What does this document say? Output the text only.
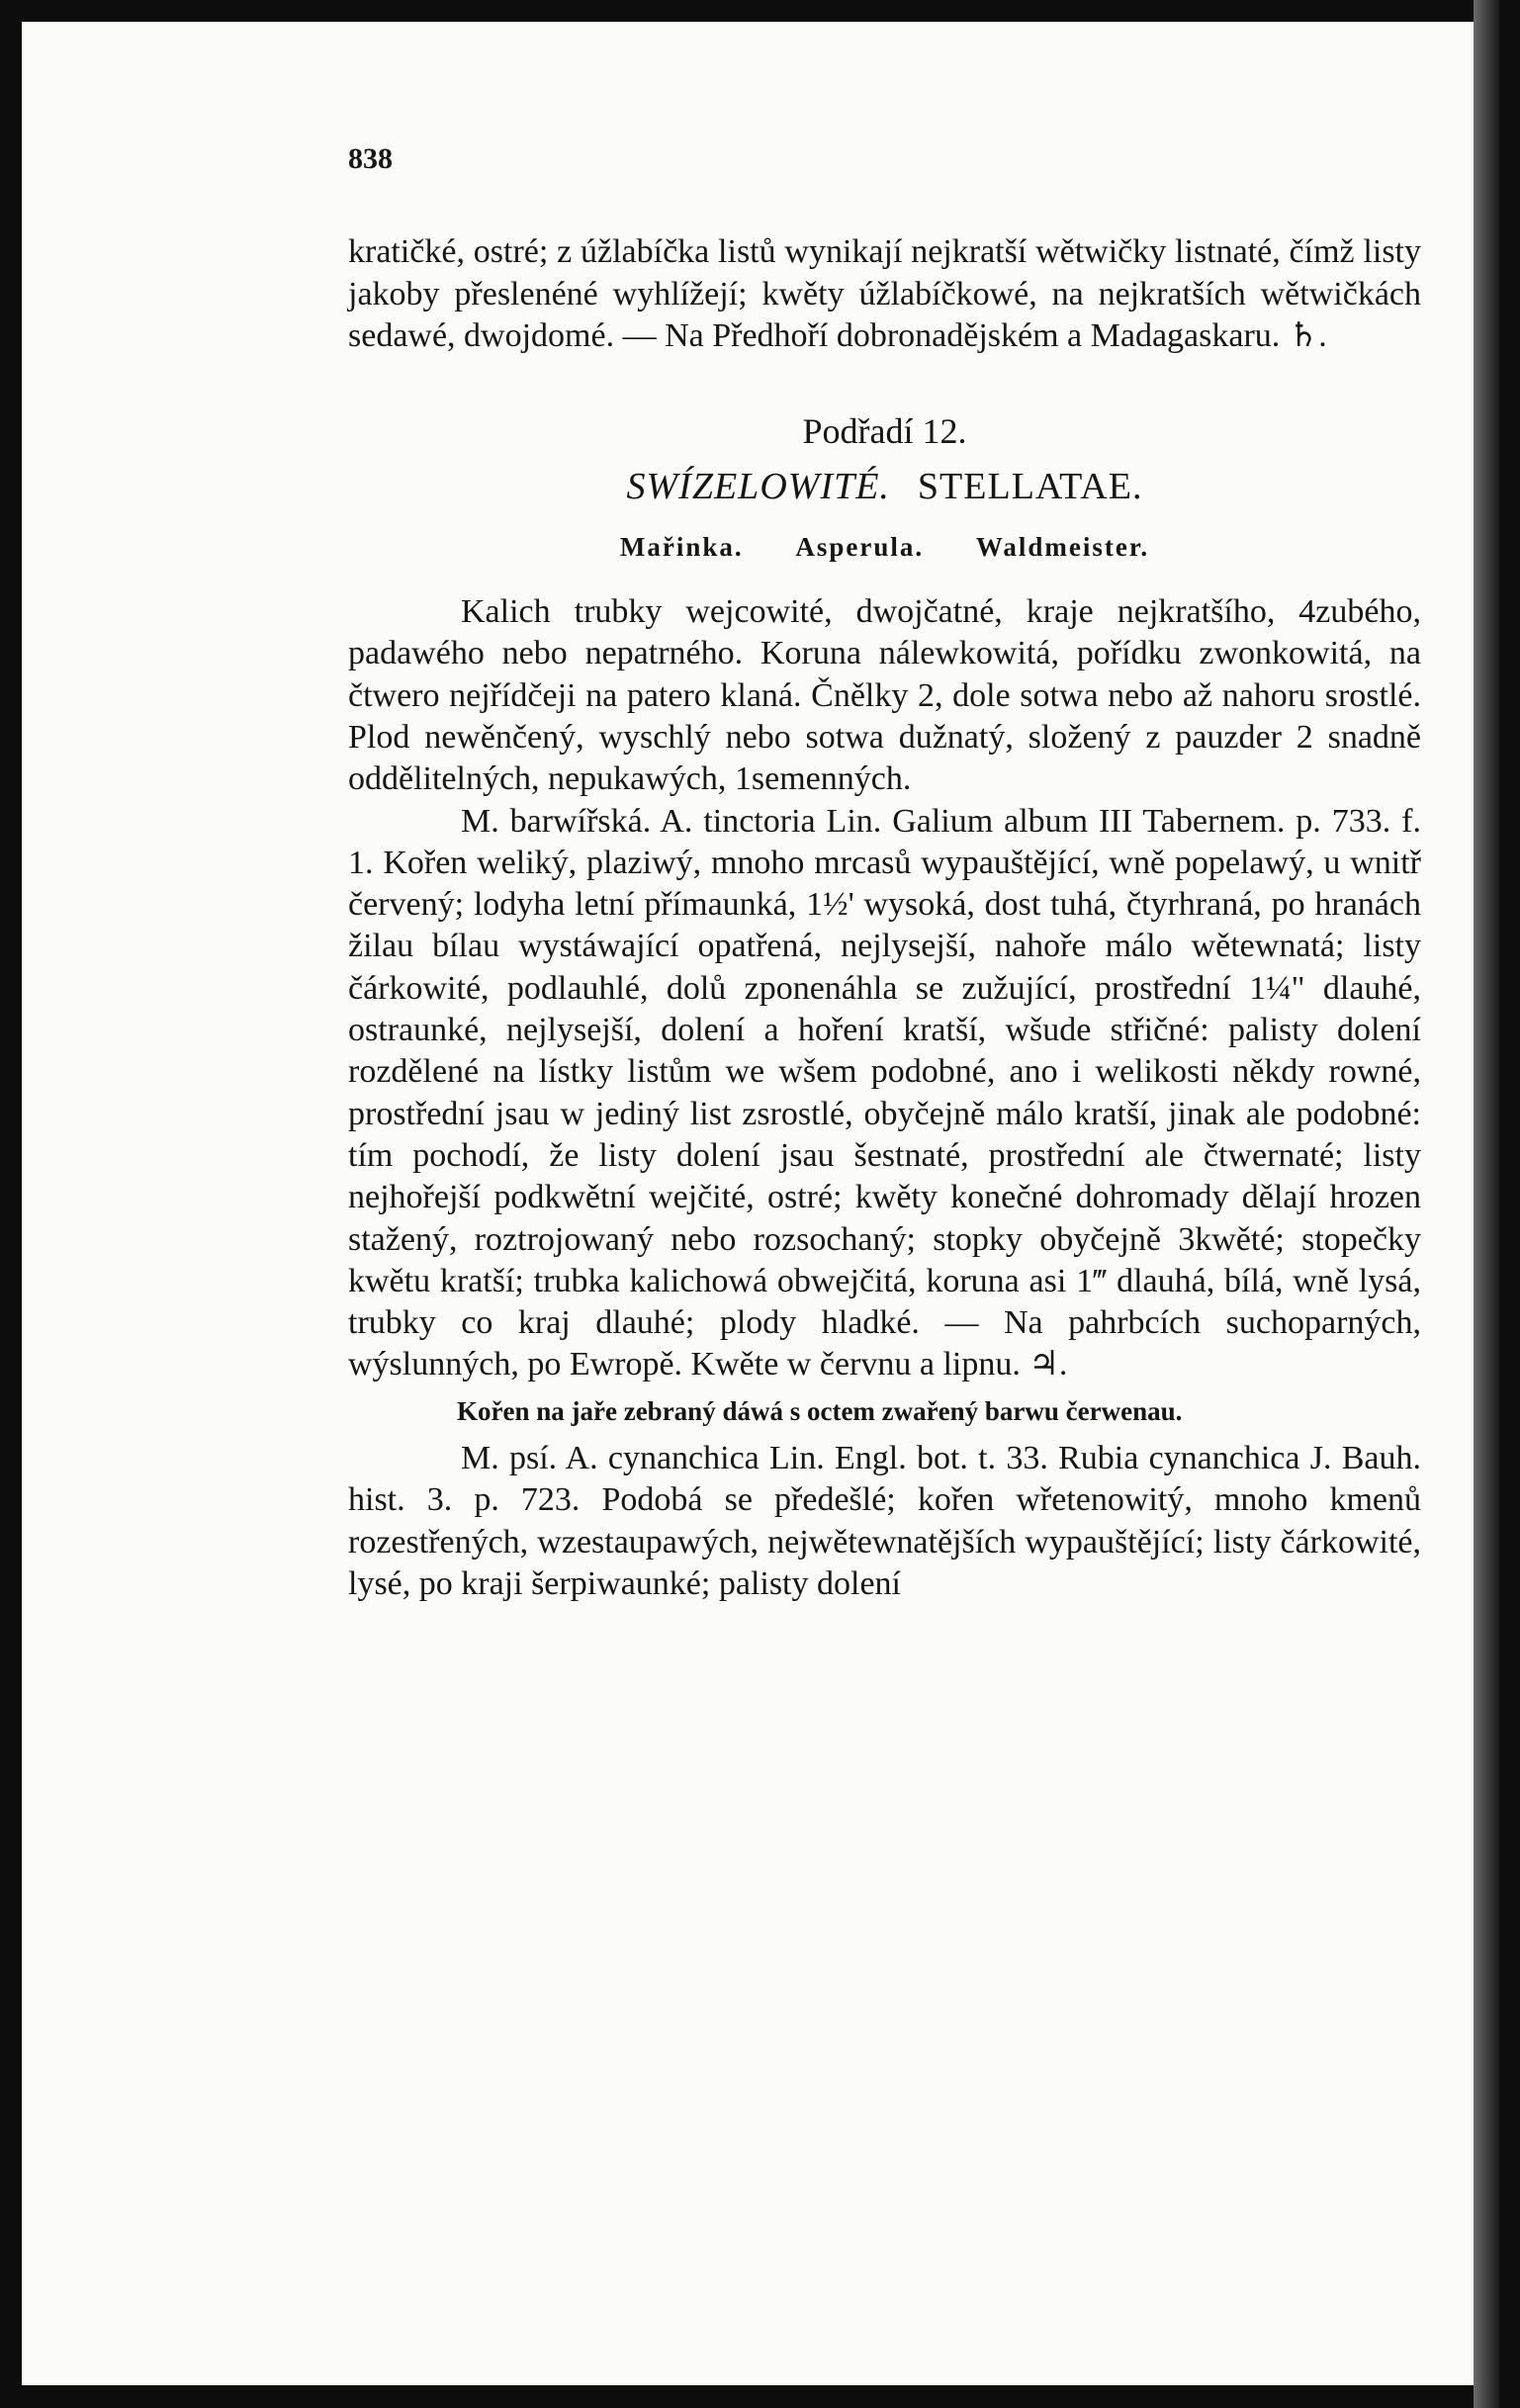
838

kratičké, ostré; z úžlabíčka listů wynikají nejkratší wětwičky listnaté, čímž listy jakoby přeslenéné wyhlížejí; kwěty úžlabíčkowé, na nejkratších wětwičkách sedawé, dwojdomé. — Na Předhoří dobronadějském a Madagaskaru. ♄.

Podřadí 12.
SWÍZELOWITÉ. STELLATAE.
Mařinka. Asperula. Waldmeister.

Kalich trubky wejcowité, dwojčatné, kraje nejkratšího, 4zubého, padawého nebo nepatrného. Koruna nálewkowitá, pořídku zwonkowitá, na čtwero nejřídčeji na patero klaná. Čnělky 2, dole sotwa nebo až nahoru srostlé. Plod newěnčený, wyschlý nebo sotwa dužnatý, složený z pauzder 2 snadně oddělitelných, nepukawých, 1semenných.

M. barwířská. A. tinctoria Lin. Galium album III Tabernem. p. 733. f. 1. Kořen weliký, plaziwý, mnoho mrcasů wypauštějící, wně popelawý, u wnitř červený; lodyha letní přímaunká, 1½' wysoká, dost tuhá, čtyrhraná, po hranách žilau bílau wystáwající opatřená, nejlysejší, nahoře málo wětewnatá; listy čárkowité, podlauhlé, dolů zponenáhla se zužující, prostřední 1¼" dlauhé, ostraunké, nejlysejší, dolení a hoření kratší, wšude střičné: palisty dolení rozdělené na lístky listům we wšem podobné, ano i welikosti někdy rowné, prostřední jsau w jediný list zsrostlé, obyčejně málo kratší, jinak ale podobné: tím pochodí, že listy dolení jsau šestnaté, prostřední ale čtwernaté; listy nejhořejší podkwětní wejčité, ostré; kwěty konečné dohromady dělají hrozen stažený, roztrojowaný nebo rozsochaný; stopky obyčejně 3kwěté; stopečky kwětu kratší; trubka kalichowá obwejčitá, koruna asi 1‴ dlauhá, bílá, wně lysá, trubky co kraj dlauhé; plody hladké. — Na pahrbcích suchoparných, wýslunných, po Ewropě. Kwěte w červnu a lipnu. ♃.

Kořen na jaře zebraný dáwá s octem zwařený barwu čerwenau.

M. psí. A. cynanchica Lin. Engl. bot. t. 33. Rubia cynanchica J. Bauh. hist. 3. p. 723. Podobá se předešlé; kořen wřetenowitý, mnoho kmenů rozestřených, wzestaupawých, nejwětewnatějších wypauštějící; listy čárkowité, lysé, po kraji šerpiwaunké; palisty dolení
